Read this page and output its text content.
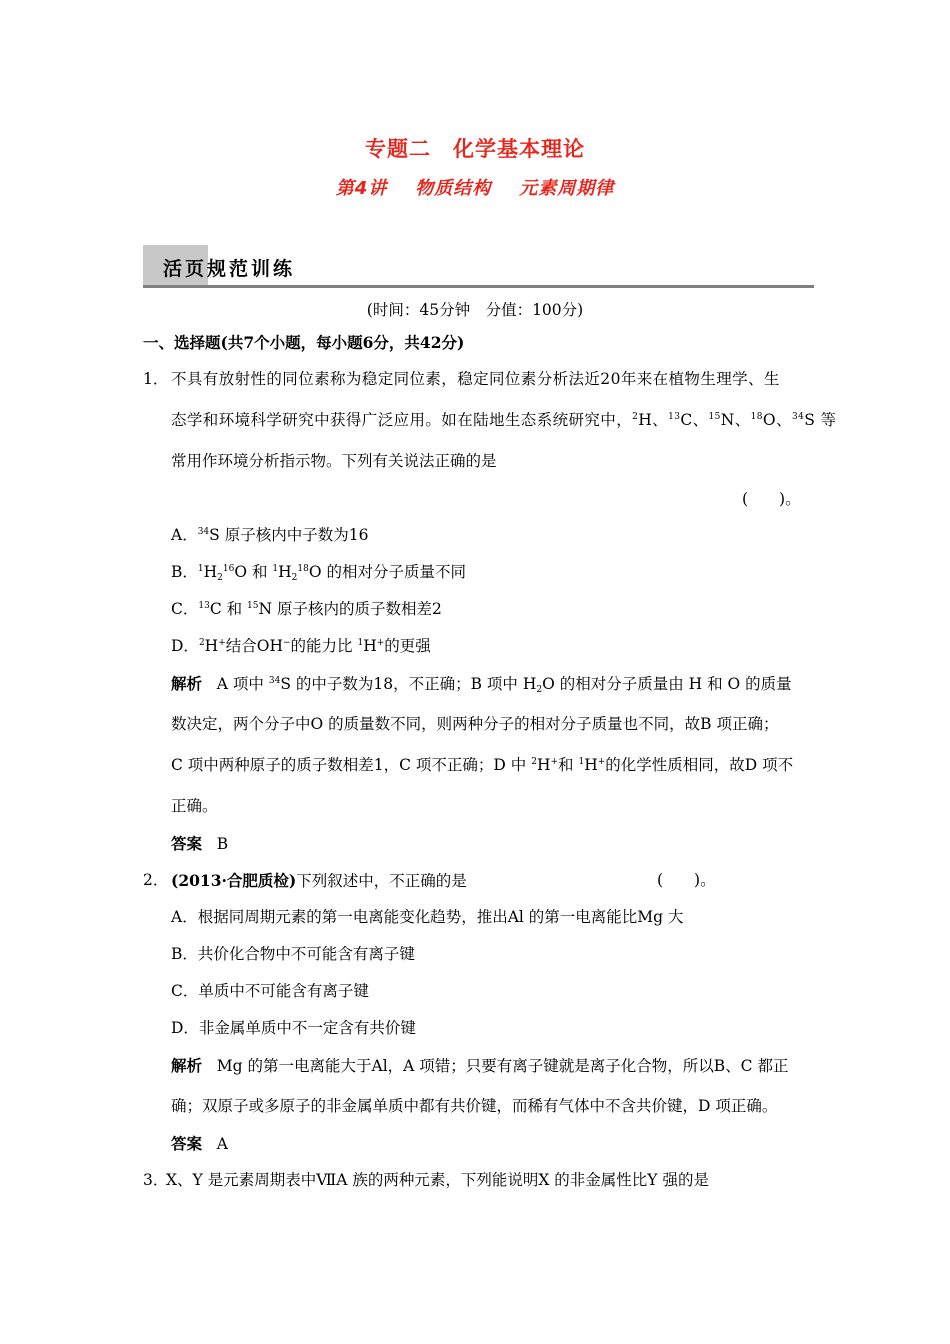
专题二　化学基本理论
第4讲 物质结构 元素周期律
活页规范训练
(时间：45分钟　分值：100分)
一、选择题(共7个小题，每小题6分，共42分)
1． 不具有放射性的同位素称为稳定同位素，稳定同位素分析法近20年来在植物生理学、生
态学和环境科学研究中获得广泛应用。如在陆地生态系统研究中，$^2$H、$^{13}$C、$^{15}$N、$^{18}$O、$^{34}$S 等
常用作环境分析指示物。下列有关说法正确的是
(　　)。
A．$^{34}$S 原子核内中子数为16
B．$^1H_2^{16}O$ 和 $^1H_2^{18}O$ 的相对分子质量不同
C．$^{13}$C 和 $^{15}$N 原子核内的质子数相差2
D．$^2$H+结合OH−的能力比 $^1$H+的更强
解析 A 项中 $^{34}$S 的中子数为18，不正确；B 项中 $H_2O$ 的相对分子质量由 H 和 O 的质量
数决定，两个分子中O 的质量数不同，则两种分子的相对分子质量也不同，故B 项正确；
C 项中两种原子的质子数相差1，C 项不正确；D 中 $^2$H+和 $^1$H+的化学性质相同，故D 项不
正确。
答案 B
2． (2013·合肥质检)下列叙述中，不正确的是	(　　)。
A．根据同周期元素的第一电离能变化趋势，推出Al 的第一电离能比Mg 大
B．共价化合物中不可能含有离子键
C．单质中不可能含有离子键
D．非金属单质中不一定含有共价键
解析 Mg 的第一电离能大于Al，A 项错；只要有离子键就是离子化合物，所以B、C 都正
确；双原子或多原子的非金属单质中都有共价键，而稀有气体中不含共价键，D 项正确。
答案 A
3．
X、Y 是元素周期表中ⅦA 族的两种元素，下列能说明X 的非金属性比Y 强的是
